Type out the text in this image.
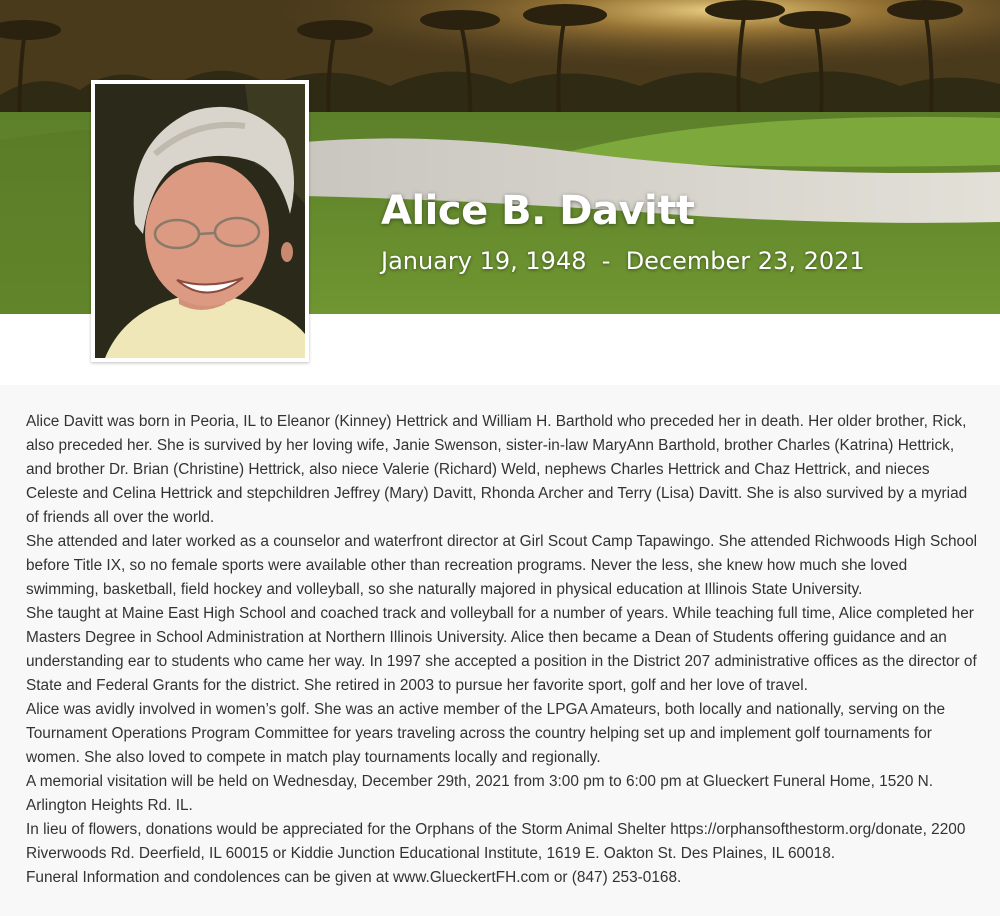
Alice B. Davitt
January 19, 1948 - December 23, 2021

Alice Davitt was born in Peoria, IL to Eleanor (Kinney) Hettrick and William H. Barthold who preceded her in death. Her older brother, Rick, also preceded her. She is survived by her loving wife, Janie Swenson, sister-in-law MaryAnn Barthold, brother Charles (Katrina) Hettrick, and brother Dr. Brian (Christine) Hettrick, also niece Valerie (Richard) Weld, nephews Charles Hettrick and Chaz Hettrick, and nieces Celeste and Celina Hettrick and stepchildren Jeffrey (Mary) Davitt, Rhonda Archer and Terry (Lisa) Davitt. She is also survived by a myriad of friends all over the world.

She attended and later worked as a counselor and waterfront director at Girl Scout Camp Tapawingo. She attended Richwoods High School before Title IX, so no female sports were available other than recreation programs. Never the less, she knew how much she loved swimming, basketball, field hockey and volleyball, so she naturally majored in physical education at Illinois State University.

She taught at Maine East High School and coached track and volleyball for a number of years. While teaching full time, Alice completed her Masters Degree in School Administration at Northern Illinois University. Alice then became a Dean of Students offering guidance and an understanding ear to students who came her way. In 1997 she accepted a position in the District 207 administrative offices as the director of State and Federal Grants for the district. She retired in 2003 to pursue her favorite sport, golf and her love of travel.

Alice was avidly involved in women’s golf. She was an active member of the LPGA Amateurs, both locally and nationally, serving on the Tournament Operations Program Committee for years traveling across the country helping set up and implement golf tournaments for women. She also loved to compete in match play tournaments locally and regionally.

A memorial visitation will be held on Wednesday, December 29th, 2021 from 3:00 pm to 6:00 pm at Glueckert Funeral Home, 1520 N. Arlington Heights Rd. IL.

In lieu of flowers, donations would be appreciated for the Orphans of the Storm Animal Shelter https://orphansofthestorm.org/donate, 2200 Riverwoods Rd. Deerfield, IL 60015 or Kiddie Junction Educational Institute, 1619 E. Oakton St. Des Plaines, IL 60018.

Funeral Information and condolences can be given at www.GlueckertFH.com or (847) 253-0168.
